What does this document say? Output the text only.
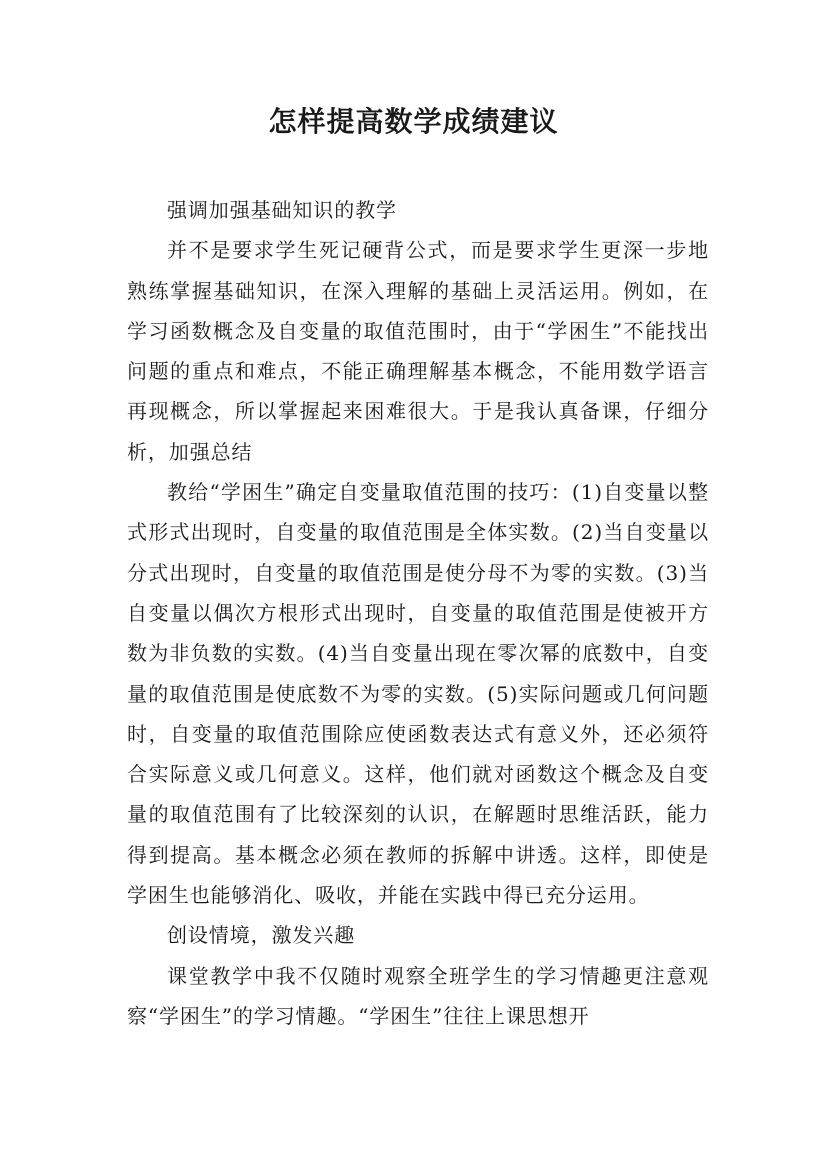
怎样提高数学成绩建议

强调加强基础知识的教学

并不是要求学生死记硬背公式，而是要求学生更深一步地熟练掌握基础知识，在深入理解的基础上灵活运用。例如，在学习函数概念及自变量的取值范围时，由于“学困生”不能找出问题的重点和难点，不能正确理解基本概念，不能用数学语言再现概念，所以掌握起来困难很大。于是我认真备课，仔细分析，加强总结

教给“学困生”确定自变量取值范围的技巧：(1)自变量以整式形式出现时，自变量的取值范围是全体实数。(2)当自变量以分式出现时，自变量的取值范围是使分母不为零的实数。(3)当自变量以偶次方根形式出现时，自变量的取值范围是使被开方数为非负数的实数。(4)当自变量出现在零次幂的底数中，自变量的取值范围是使底数不为零的实数。(5)实际问题或几何问题时，自变量的取值范围除应使函数表达式有意义外，还必须符合实际意义或几何意义。这样，他们就对函数这个概念及自变量的取值范围有了比较深刻的认识，在解题时思维活跃，能力得到提高。基本概念必须在教师的拆解中讲透。这样，即使是学困生也能够消化、吸收，并能在实践中得已充分运用。

创设情境，激发兴趣

课堂教学中我不仅随时观察全班学生的学习情趣更注意观察“学困生”的学习情趣。“学困生”往往上课思想开
